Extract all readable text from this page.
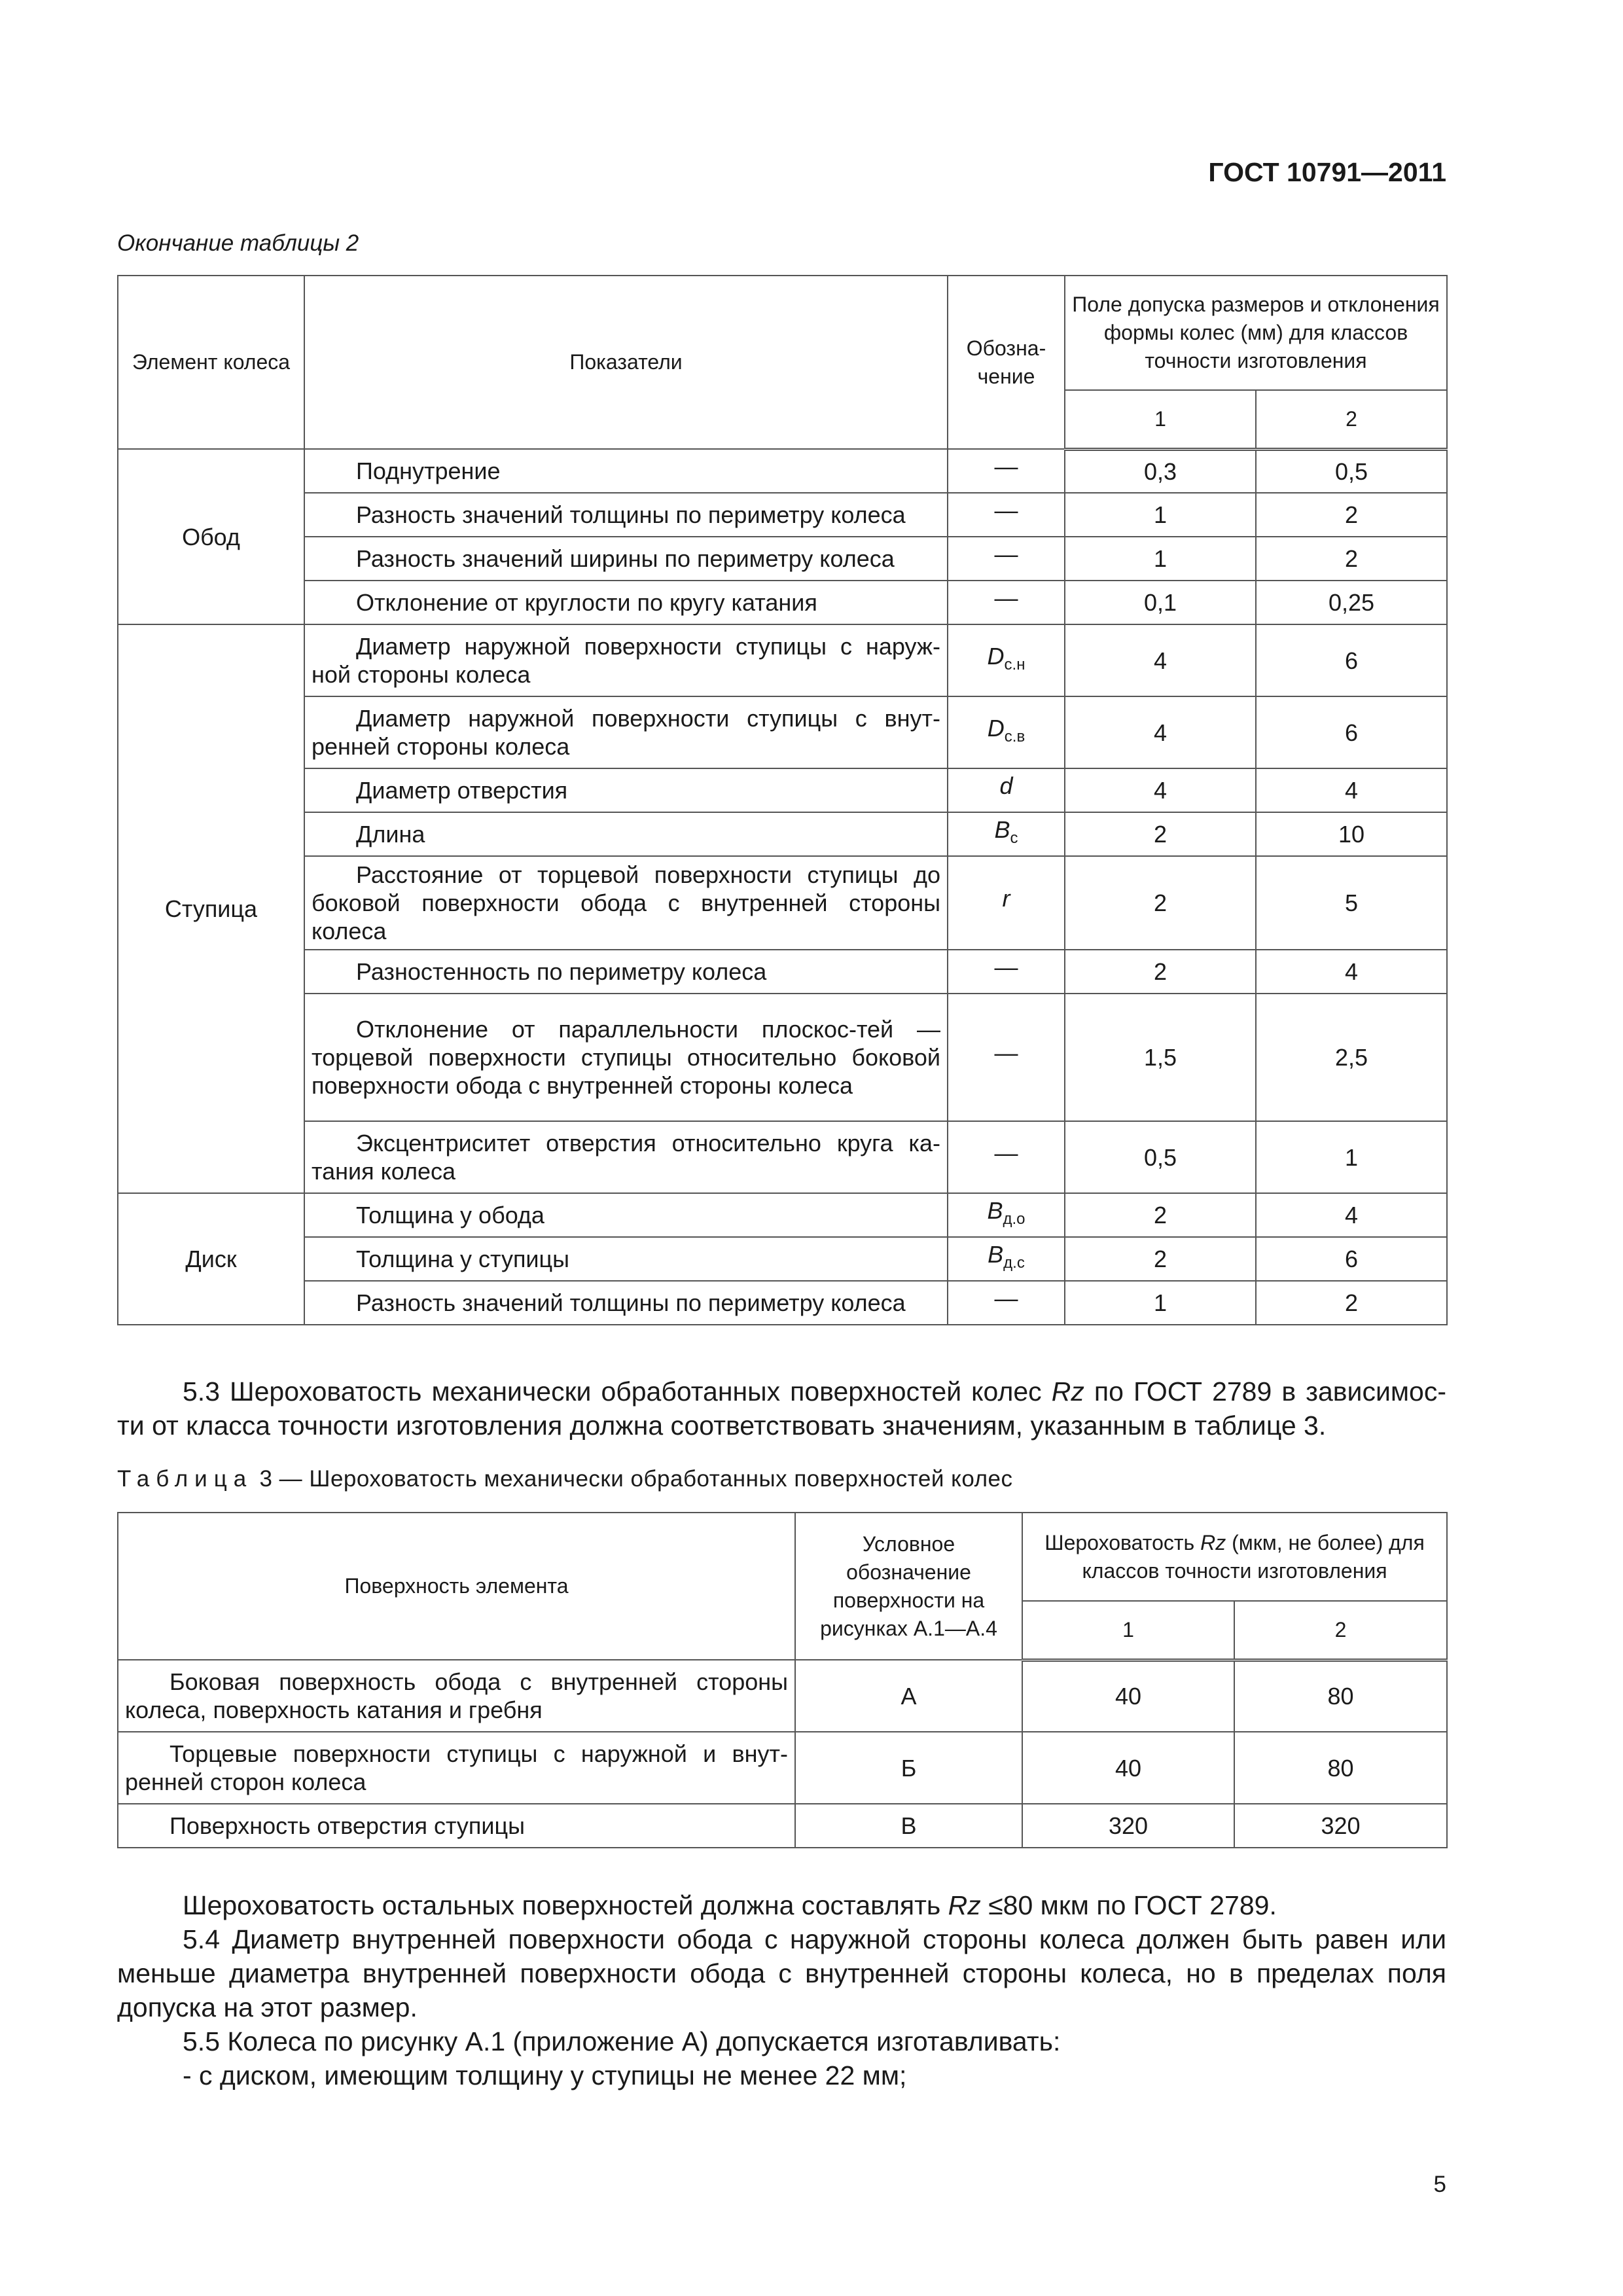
ГОСТ 10791—2011
Окончание таблицы 2
Элемент колеса	Показатели	Обозна-чение	Поле допуска размеров и отклонения формы колес (мм) для классов точности изготовления	
			1	2
Обод	Поднутрение	—	0,3	0,5
	Разность значений толщины по периметру колеса	—	1	2
	Разность значений ширины по периметру колеса	—	1	2
	Отклонение от круглости по кругу катания	—	0,1	0,25
Ступица	Диаметр наружной поверхности ступицы с наруж-ной стороны колеса	$D_{с.н}$	4	6
	Диаметр наружной поверхности ступицы с внут-ренней стороны колеса	$D_{с.в}$	4	6
	Диаметр отверстия	d	4	4
	Длина	$B_с$	2	10
	Расстояние от торцевой поверхности ступицы до боковой поверхности обода с внутренней стороны колеса	r	2	5
	Разностенность по периметру колеса	—	2	4
	Отклонение от параллельности плоскос-тей — торцевой поверхности ступицы относительно боковой поверхности обода с внутренней стороны колеса	—	1,5	2,5
	Эксцентриситет отверстия относительно круга ка-тания колеса	—	0,5	1
Диск	Толщина у обода	$B_{д.о}$	2	4
	Толщина у ступицы	$B_{д.с}$	2	6
	Разность значений толщины по периметру колеса	—	1	2
5.3 Шероховатость механически обработанных поверхностей колес Rz по ГОСТ 2789 в зависимос-ти от класса точности изготовления должна соответствовать значениям, указанным в таблице 3.
Таблица 3 — Шероховатость механически обработанных поверхностей колес
Поверхность элемента	Условное обозначение поверхности на рисунках А.1—А.4	Шероховатость Rz (мкм, не более) для классов точности изготовления	
		1	2
Боковая поверхность обода с внутренней стороны колеса, поверхность катания и гребня	А	40	80
Торцевые поверхности ступицы с наружной и внут-ренней сторон колеса	Б	40	80
Поверхность отверстия ступицы	В	320	320
Шероховатость остальных поверхностей должна составлять Rz ≤80 мкм по ГОСТ 2789.
5.4 Диаметр внутренней поверхности обода с наружной стороны колеса должен быть равен или меньше диаметра внутренней поверхности обода с внутренней стороны колеса, но в пределах поля допуска на этот размер.
5.5 Колеса по рисунку А.1 (приложение А) допускается изготавливать:
- с диском, имеющим толщину у ступицы не менее 22 мм;
5
